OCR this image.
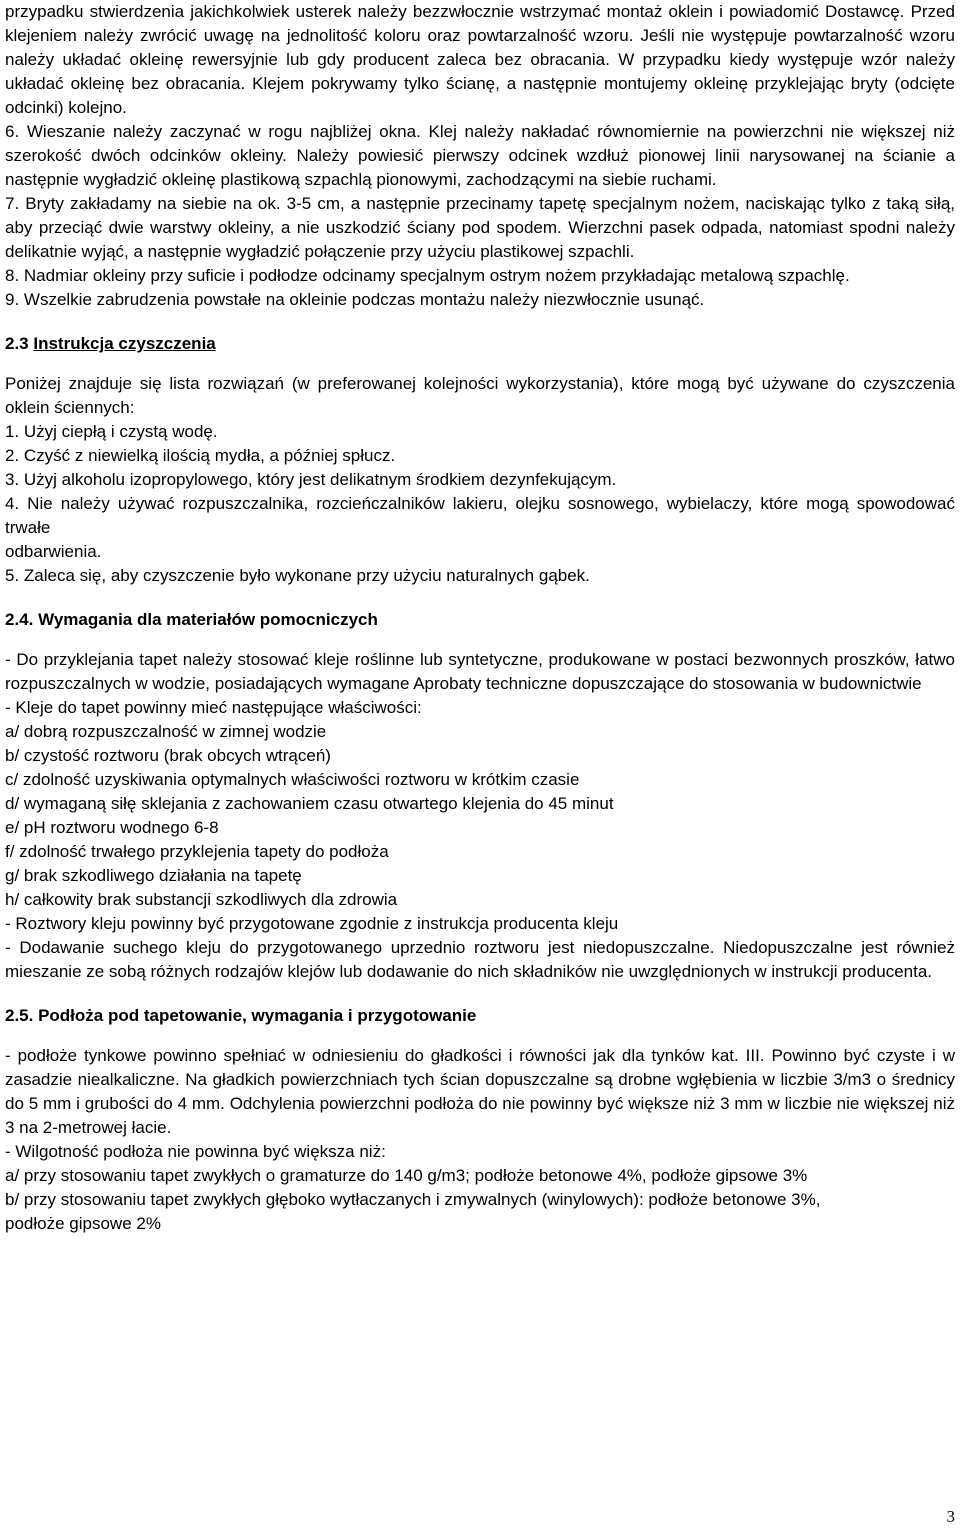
przypadku stwierdzenia jakichkolwiek usterek należy bezzwłocznie wstrzymać montaż oklein i powiadomić Dostawcę. Przed klejeniem należy zwrócić uwagę na jednolitość koloru oraz powtarzalność wzoru. Jeśli nie występuje powtarzalność wzoru należy układać okleinę rewersyjnie lub gdy producent zaleca bez obracania. W przypadku kiedy występuje wzór należy układać okleinę bez obracania. Klejem pokrywamy tylko ścianę, a następnie montujemy okleinę przyklejając bryty (odcięte odcinki) kolejno.

6. Wieszanie należy zaczynać w rogu najbliżej okna. Klej należy nakładać równomiernie na powierzchni nie większej niż szerokość dwóch odcinków okleiny. Należy powiesić pierwszy odcinek wzdłuż pionowej linii narysowanej na ścianie a następnie wygładzić okleinę plastikową szpachlą pionowymi, zachodzącymi na siebie ruchami.

7. Bryty zakładamy na siebie na ok. 3-5 cm, a następnie przecinamy tapetę specjalnym nożem, naciskając tylko z taką siłą, aby przeciąć dwie warstwy okleiny, a nie uszkodzić ściany pod spodem. Wierzchni pasek odpada, natomiast spodni należy delikatnie wyjąć, a następnie wygładzić połączenie przy użyciu plastikowej szpachli.

8. Nadmiar okleiny przy suficie i podłodze odcinamy specjalnym ostrym nożem przykładając metalową szpachlę.

9. Wszelkie zabrudzenia powstałe na okleinie podczas montażu należy niezwłocznie usunąć.

2.3 Instrukcja czyszczenia

Poniżej znajduje się lista rozwiązań (w preferowanej kolejności wykorzystania), które mogą być używane do czyszczenia oklein ściennych:

1. Użyj ciepłą i czystą wodę.

2. Czyść z niewielką ilością mydła, a później spłucz.

3. Użyj alkoholu izopropylowego, który jest delikatnym środkiem dezynfekującym.

4. Nie należy używać rozpuszczalnika, rozcieńczalników lakieru, olejku sosnowego, wybielaczy, które mogą spowodować trwałe

odbarwienia.

5. Zaleca się, aby czyszczenie było wykonane przy użyciu naturalnych gąbek.

2.4. Wymagania dla materiałów pomocniczych

- Do przyklejania tapet należy stosować kleje roślinne lub syntetyczne, produkowane w postaci bezwonnych proszków, łatwo rozpuszczalnych w wodzie, posiadających wymagane Aprobaty techniczne dopuszczające do stosowania w budownictwie

- Kleje do tapet powinny mieć następujące właściwości:

a/ dobrą rozpuszczalność w zimnej wodzie

b/ czystość roztworu (brak obcych wtrąceń)

c/ zdolność uzyskiwania optymalnych właściwości roztworu w krótkim czasie

d/ wymaganą siłę sklejania z zachowaniem czasu otwartego klejenia do 45 minut

e/ pH roztworu wodnego 6-8

f/ zdolność trwałego przyklejenia tapety do podłoża

g/ brak szkodliwego działania na tapetę

h/ całkowity brak substancji szkodliwych dla zdrowia

- Roztwory kleju powinny być przygotowane zgodnie z instrukcja producenta kleju

- Dodawanie suchego kleju do przygotowanego uprzednio roztworu jest niedopuszczalne. Niedopuszczalne jest również mieszanie ze sobą różnych rodzajów klejów lub dodawanie do nich składników nie uwzględnionych w instrukcji producenta.

2.5. Podłoża pod tapetowanie, wymagania i przygotowanie

- podłoże tynkowe powinno spełniać w odniesieniu do gładkości i równości jak dla tynków kat. III. Powinno być czyste i w zasadzie niealkaliczne. Na gładkich powierzchniach tych ścian dopuszczalne są drobne wgłębienia w liczbie 3/m3 o średnicy do 5 mm i grubości do 4 mm. Odchylenia powierzchni podłoża do nie powinny być większe niż 3 mm w liczbie nie większej niż 3 na 2-metrowej łacie.

- Wilgotność podłoża nie powinna być większa niż:

a/ przy stosowaniu tapet zwykłych o gramaturze do 140 g/m3; podłoże betonowe 4%, podłoże gipsowe 3%

b/ przy stosowaniu tapet zwykłych głęboko wytłaczanych i zmywalnych (winylowych): podłoże betonowe 3%,

podłoże gipsowe 2%

3
